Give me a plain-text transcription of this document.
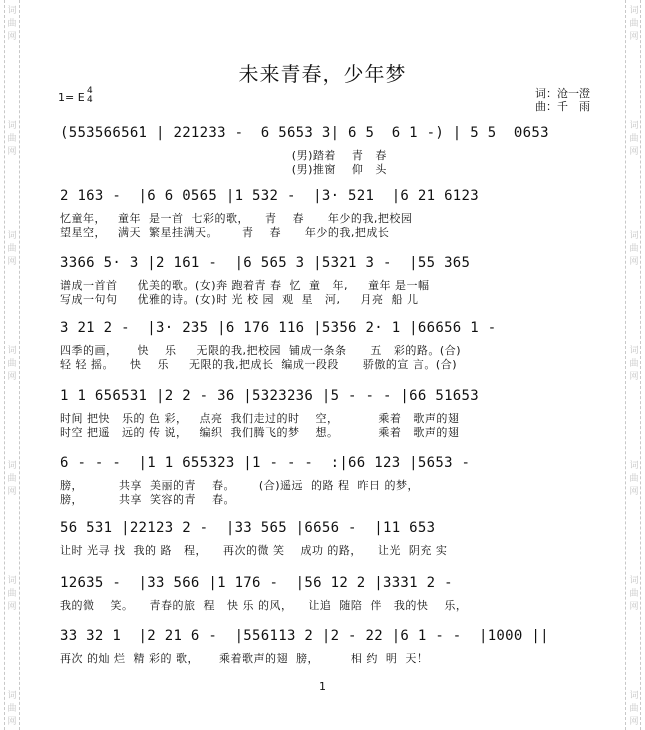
词
曲
网
词
曲
网
词
曲
网
词
曲
网
词
曲
网
词
曲
网
词
曲
网
词
曲
网
词
曲
网
词
曲
网
词
曲
网
词
曲
网
词
曲
网
词
曲
网
未来青春，少年梦
词：沧一澄
曲：千　雨
1= E 4
4
(55356656̇1 | 221233 -  6 5653 3| 6 5  6 1 -) | 5 5  0653
(男)踏着    青   春
(男)推窗    仰   头
2 163 -  |6 6 0565 |1 532 -  |3· 521  |6 21 6123
忆童年，   童年  是一首  七彩的歌，    青    春      年少的我,把校园
望星空，   满天  繁星挂满天。      青    春      年少的我,把成长
3366 5· 3 |2 161 -  |6 565 3 |5321 3 -  |55 365
谱成一首首     优美的歌。(女)奔 跑着青 春  忆  童   年,     童年 是一幅
写成一句句     优雅的诗。(女)时 光 校 园  观  星   河,     月亮  船 儿
3 21 2 -  |3· 235 |6 176 116 |5356 2· 1 |66656 1 -
四季的画，     快    乐     无限的我,把校园  铺成一条条      五   彩的路。(合)
轻 轻 摇。    快    乐     无限的我,把成长  编成一段段      骄傲的宣 言。(合)
1 1 656531 |2 2 - 36 |5323236 |5 - - - |66 51653
时间 把快   乐的 色 彩，   点亮  我们走过的时    空，          乘着   歌声的翅
时空 把遥   远的 传 说，   编织  我们腾飞的梦    想。          乘着   歌声的翅
6 - - -  |1 1 655323 |1 - - -  :|66 123 |5653 -
膀，         共享  美丽的青    春。      (合)遥远  的路 程  昨日 的梦，
膀，         共享  笑容的青    春。
56 531 |22123 2 -  |33 565 |6656 -  |11 653
让时 光寻 找  我的 路   程，    再次的微 笑    成功 的路，    让光  阴充 实
12635 -  |33 566 |1 176 -  |56 12 2 |3331 2 -
我的微    笑。    青春的旅  程   快 乐 的风，    让追  随陪  伴   我的快    乐，
33 32 1  |2 21 6 -  |556113 2 |2 - 22 |6 1 - -  |1000 ||
再次 的灿 烂  精 彩的 歌，     乘着歌声的翅  膀，        相 约  明  天！
1
